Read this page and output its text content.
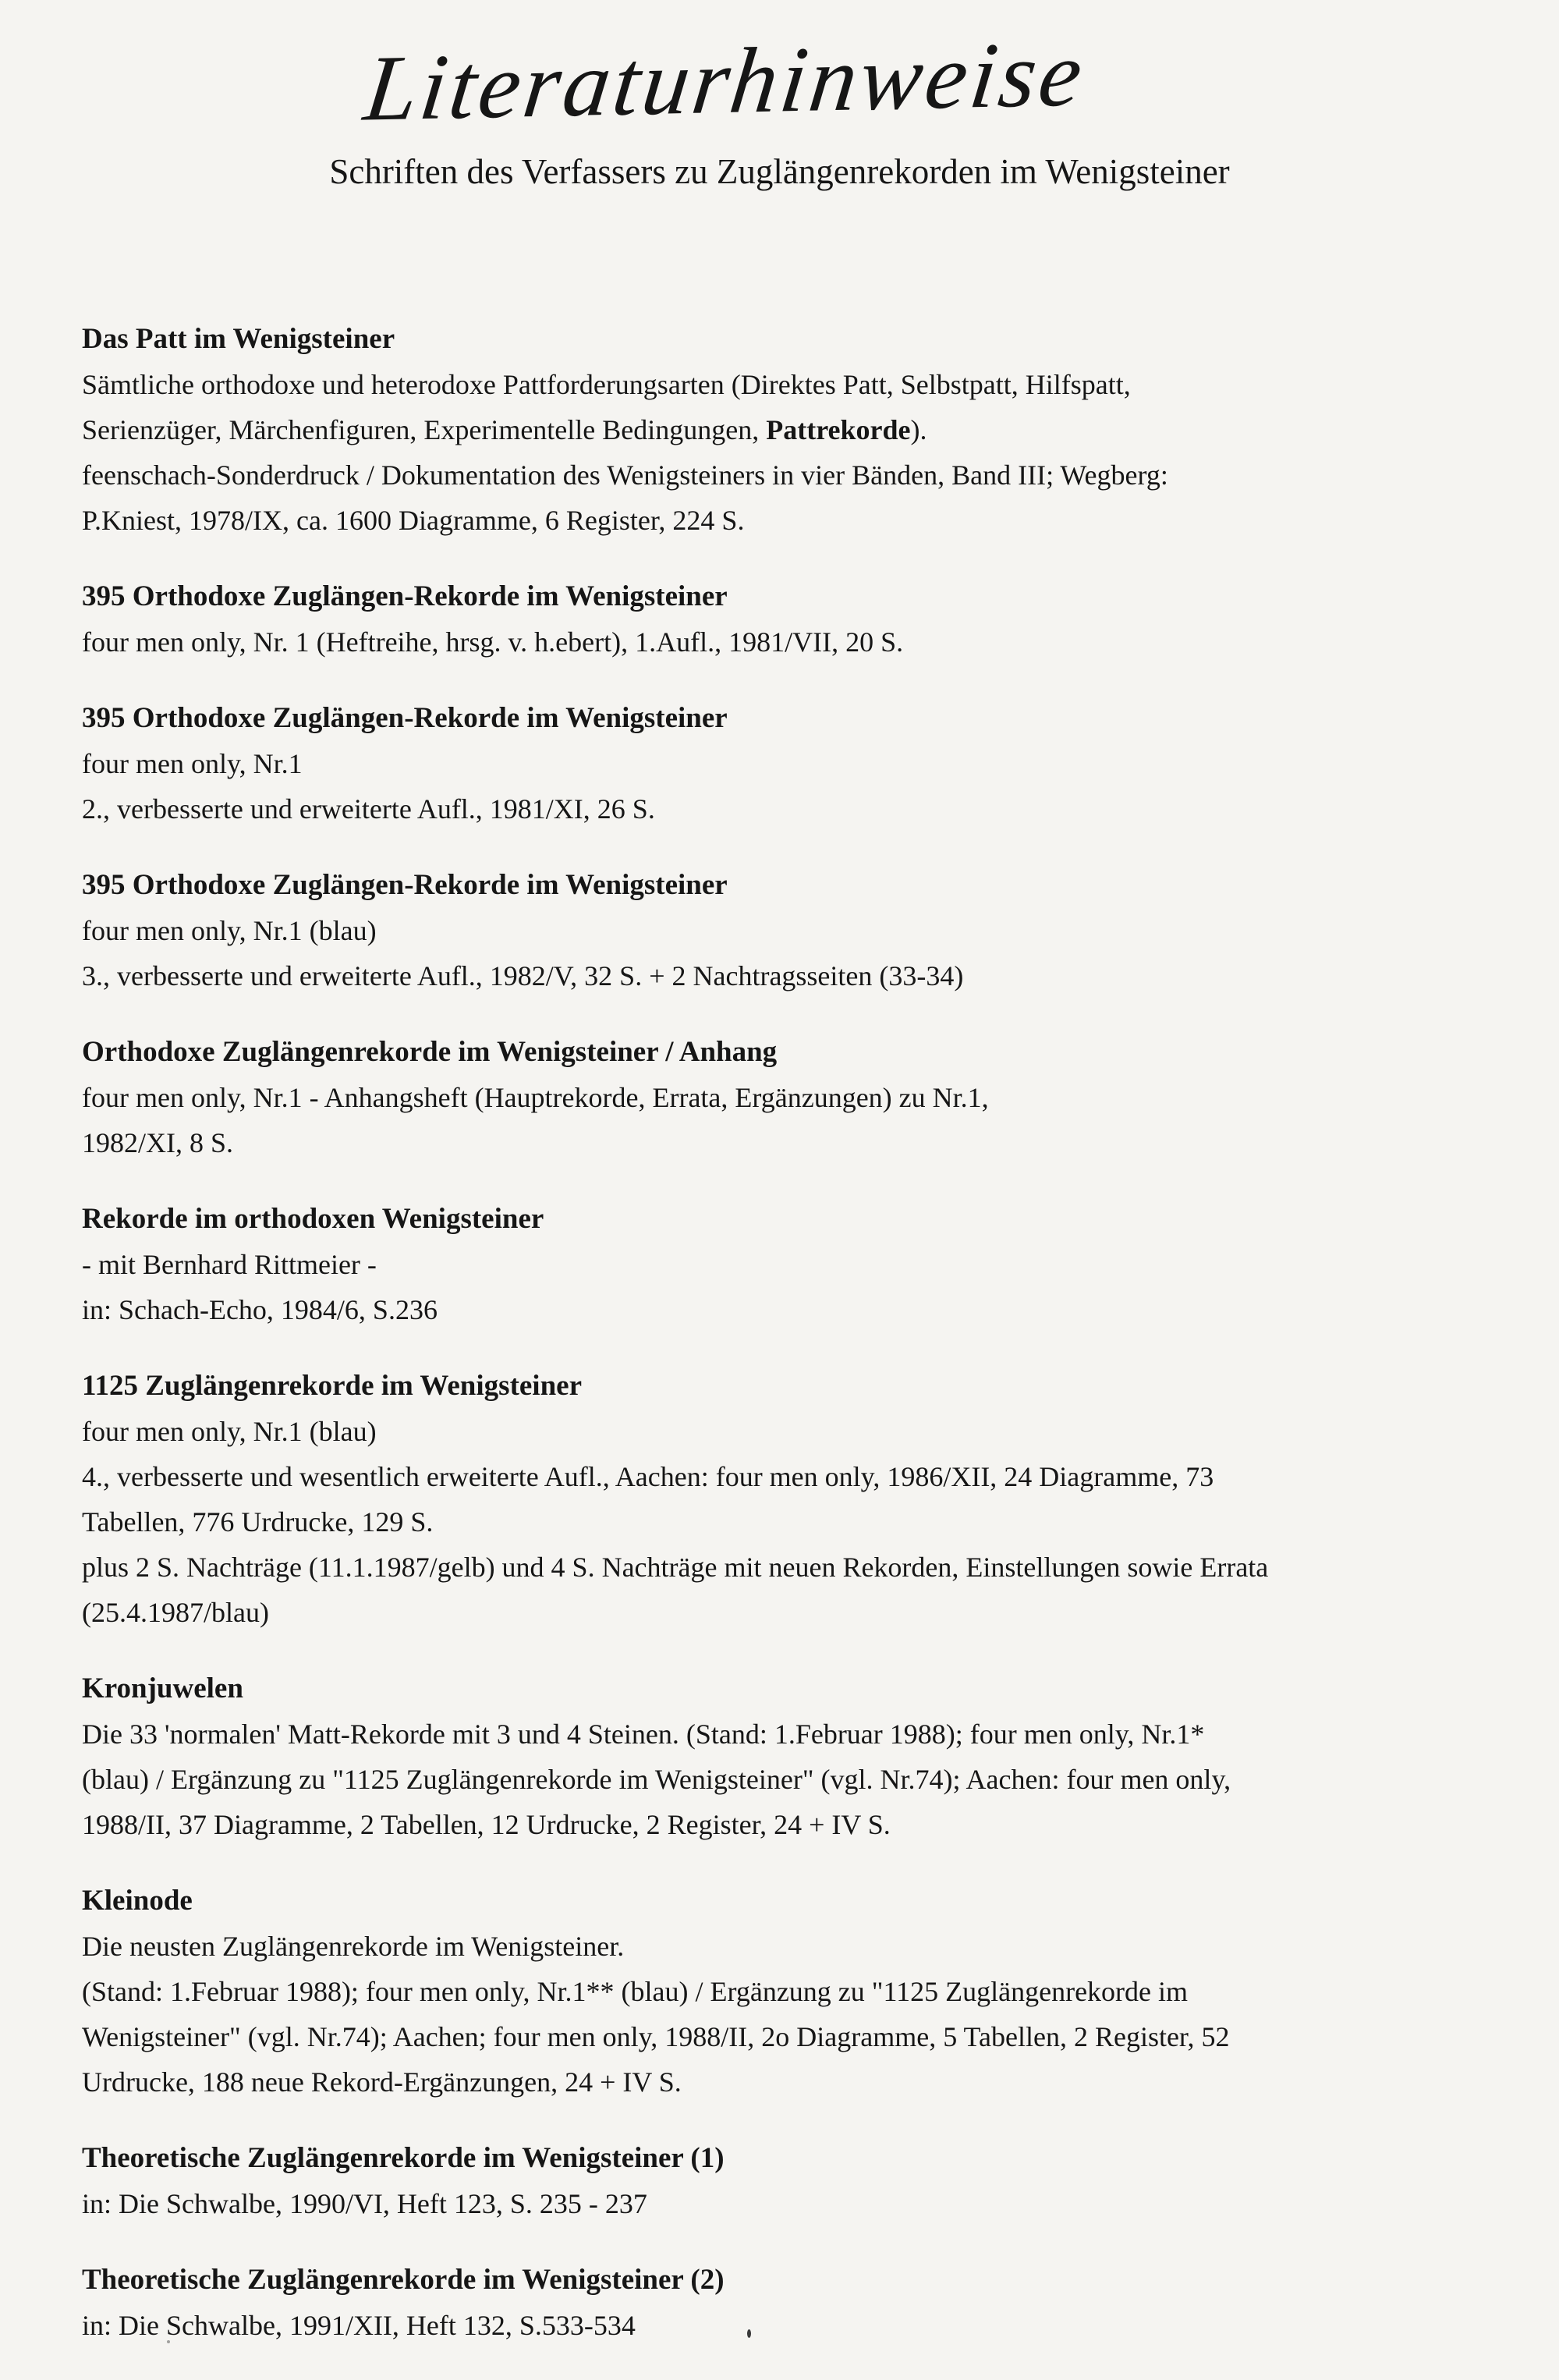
Literaturhinweise
Schriften des Verfassers zu Zuglängenrekorden im Wenigsteiner
Das Patt im Wenigsteiner
Sämtliche orthodoxe und heterodoxe Pattforderungsarten (Direktes Patt, Selbstpatt, Hilfspatt,
Serienzüger, Märchenfiguren, Experimentelle Bedingungen, Pattrekorde).
feenschach-Sonderdruck / Dokumentation des Wenigsteiners in vier Bänden, Band III; Wegberg:
P.Kniest, 1978/IX, ca. 1600 Diagramme, 6 Register, 224 S.
395 Orthodoxe Zuglängen-Rekorde im Wenigsteiner
four men only, Nr. 1 (Heftreihe, hrsg. v. h.ebert), 1.Aufl., 1981/VII, 20 S.
395 Orthodoxe Zuglängen-Rekorde im Wenigsteiner
four men only, Nr.1
2., verbesserte und erweiterte Aufl., 1981/XI, 26 S.
395 Orthodoxe Zuglängen-Rekorde im Wenigsteiner
four men only, Nr.1 (blau)
3., verbesserte und erweiterte Aufl., 1982/V, 32 S. + 2 Nachtragsseiten (33-34)
Orthodoxe Zuglängenrekorde im Wenigsteiner / Anhang
four men only, Nr.1 - Anhangsheft (Hauptrekorde, Errata, Ergänzungen) zu Nr.1,
1982/XI, 8 S.
Rekorde im orthodoxen Wenigsteiner
- mit Bernhard Rittmeier -
in: Schach-Echo, 1984/6, S.236
1125 Zuglängenrekorde im Wenigsteiner
four men only, Nr.1 (blau)
4., verbesserte und wesentlich erweiterte Aufl., Aachen: four men only, 1986/XII, 24 Diagramme, 73
Tabellen, 776 Urdrucke, 129 S.
plus 2 S. Nachträge (11.1.1987/gelb) und 4 S. Nachträge mit neuen Rekorden, Einstellungen sowie Errata
(25.4.1987/blau)
Kronjuwelen
Die 33 'normalen' Matt-Rekorde mit 3 und 4 Steinen. (Stand: 1.Februar 1988); four men only, Nr.1*
(blau) / Ergänzung zu "1125 Zuglängenrekorde im Wenigsteiner" (vgl. Nr.74); Aachen: four men only,
1988/II, 37 Diagramme, 2 Tabellen, 12 Urdrucke, 2 Register, 24 + IV S.
Kleinode
Die neusten Zuglängenrekorde im Wenigsteiner.
(Stand: 1.Februar 1988); four men only, Nr.1** (blau) / Ergänzung zu "1125 Zuglängenrekorde im
Wenigsteiner" (vgl. Nr.74); Aachen; four men only, 1988/II, 2o Diagramme, 5 Tabellen, 2 Register, 52
Urdrucke, 188 neue Rekord-Ergänzungen, 24 + IV S.
Theoretische Zuglängenrekorde im Wenigsteiner (1)
in: Die Schwalbe, 1990/VI, Heft 123, S. 235 - 237
Theoretische Zuglängenrekorde im Wenigsteiner (2)
in: Die Schwalbe, 1991/XII, Heft 132, S.533-534
